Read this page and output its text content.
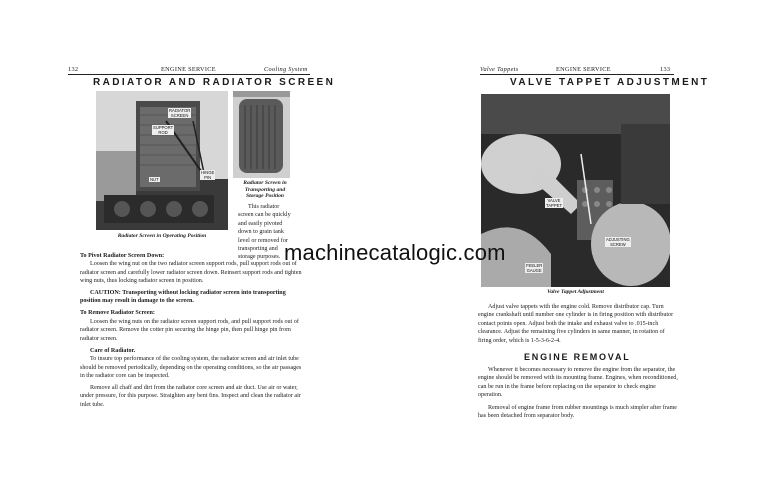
132	ENGINE SERVICE	Cooling System
RADIATOR AND RADIATOR SCREEN
RADIATOR
SCREEN
SUPPORT
ROD
NUT
HINGE
PIN
Radiator Screen in Operating Position
Radiator Screen in
Transporting and
Storage Position

This radiator screen can be quickly and easily pivoted down to grain tank level or removed for transporting and storage purposes.

To Pivot Radiator Screen Down:

Loosen the wing nut on the two radiator screen support rods, pull support rods out of radiator screen and carefully lower radiator screen down. Reinsert support rods and tighten wing nuts, thus locking radiator screen in position.

CAUTION: Transporting without locking radiator screen into transporting position may result in damage to the screen.

To Remove Radiator Screen:

Loosen the wing nuts on the radiator screen support rods, and pull support rods out of radiator screen. Remove the cotter pin securing the hinge pin, then pull hinge pin from radiator screen.

Care of Radiator.

To insure top performance of the cooling system, the radiator screen and air inlet tube should be removed periodically, depending on the operating conditions, so the air passages in the radiator core can be inspected.

Remove all chaff and dirt from the radiator core screen and air duct. Use air or water, under pressure, for this purpose. Straighten any bent fins. Inspect and clean the radiator air inlet tube.

Valve Tappets	ENGINE SERVICE	133
VALVE TAPPET ADJUSTMENT
VALVE
TAPPET
ADJUSTING
SCREW
FEELER
GAUGE
Valve Tappet Adjustment

Adjust valve tappets with the engine cold. Remove distributor cap. Turn engine crankshaft until number one cylinder is in firing position with distributor contact points open. Adjust both the intake and exhaust valve to .015-inch clearance. Adjust the remaining five cylinders in same manner, in rotation of firing order, which is 1-5-3-6-2-4.

ENGINE REMOVAL

Whenever it becomes necessary to remove the engine from the separator, the engine should be removed with its mounting frame. Engines, when reconditioned, can be run in the frame before replacing on the separator to check engine operation.

Removal of engine frame from rubber mountings is much simpler after frame has been detached from separator body.

machinecatalogic.com
